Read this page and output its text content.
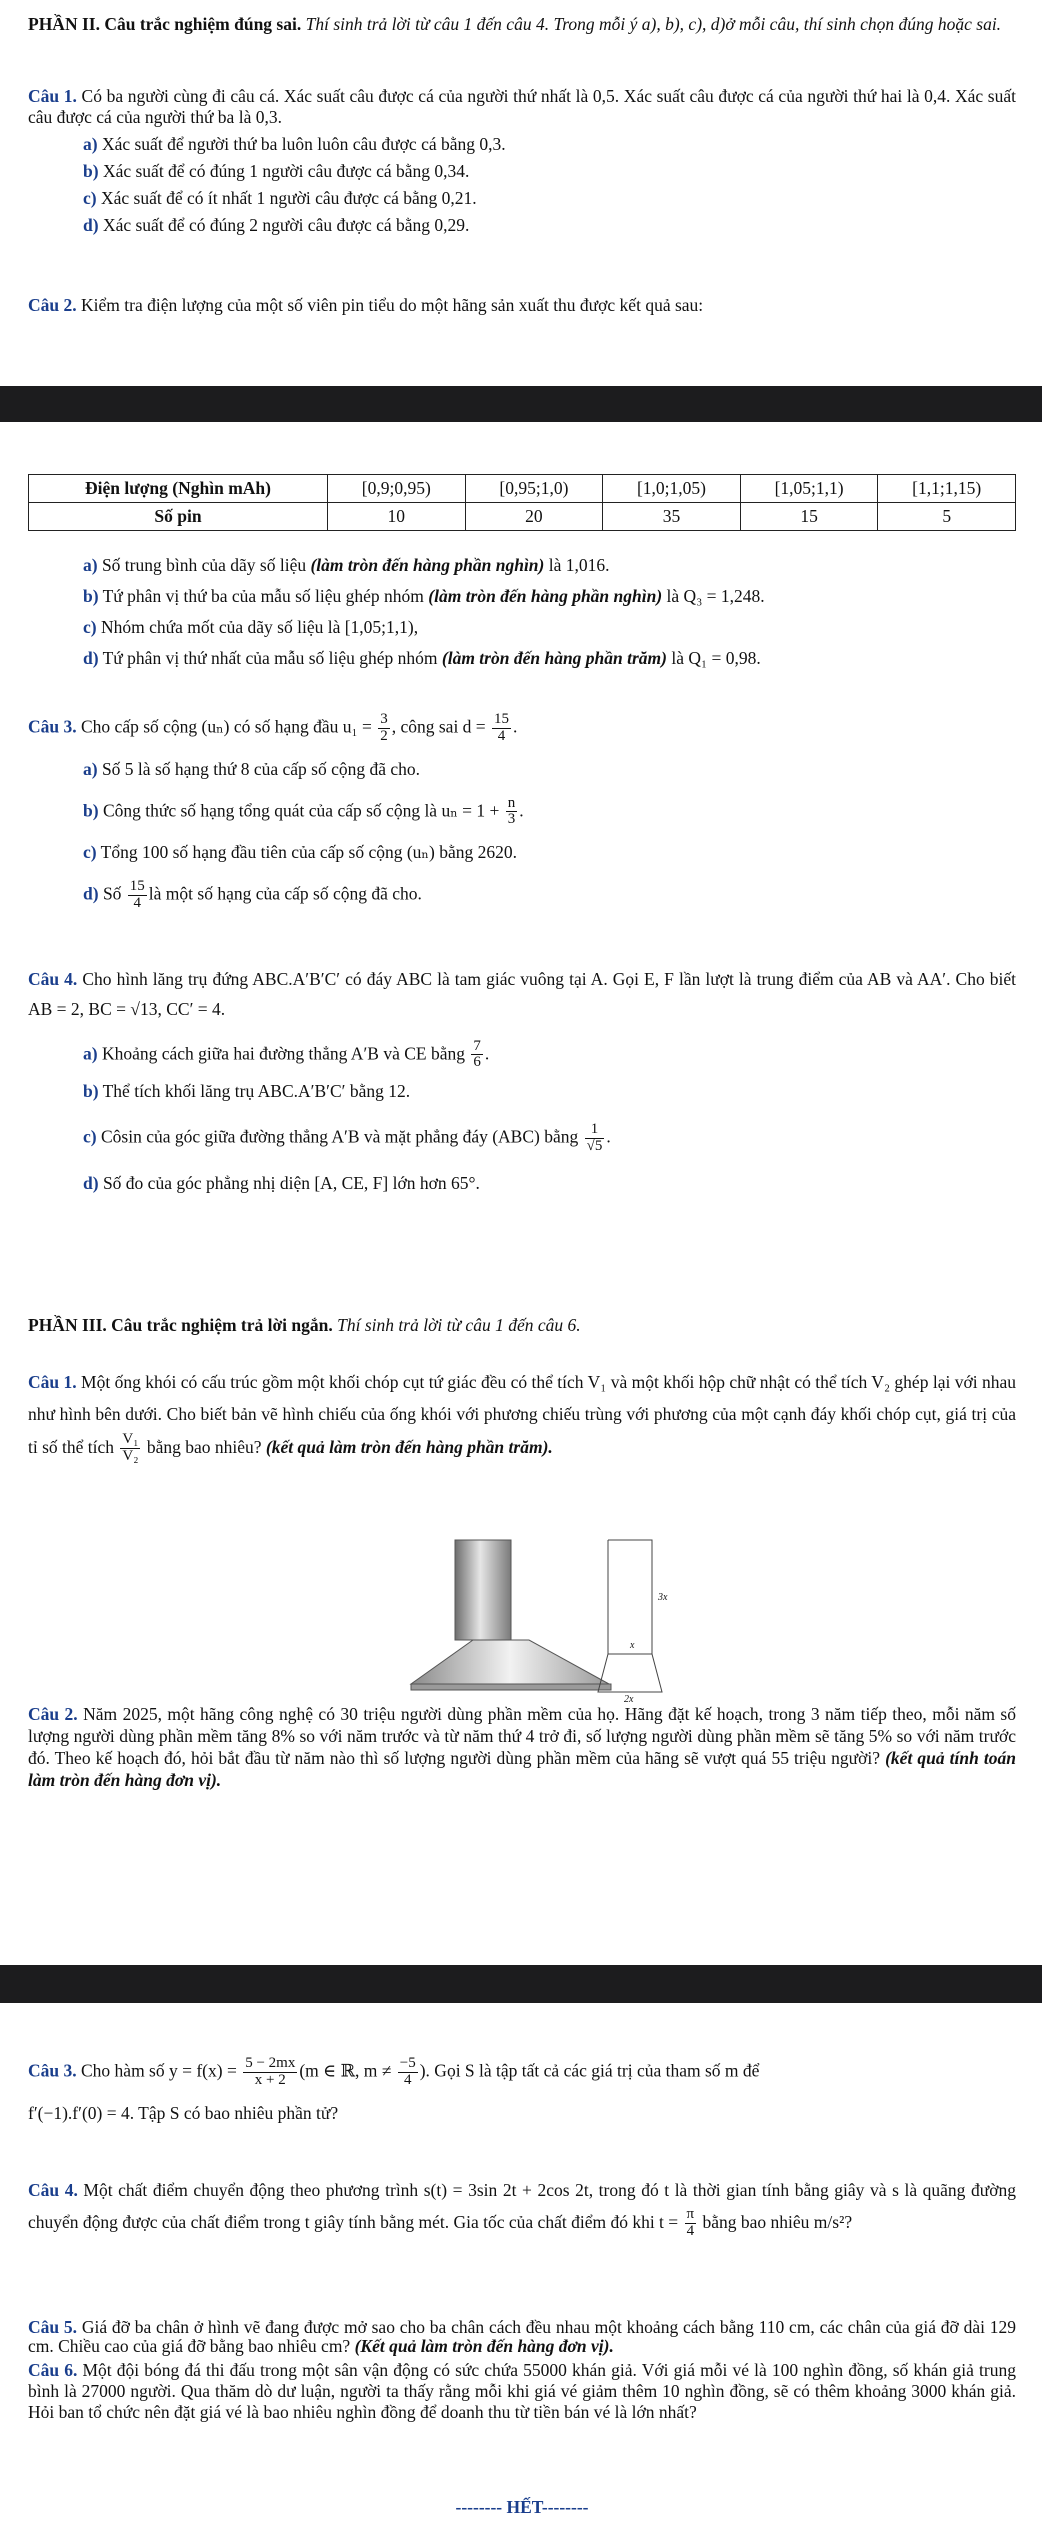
PHẦN II. Câu trắc nghiệm đúng sai. Thí sinh trả lời từ câu 1 đến câu 4. Trong mỗi ý a), b), c), d)ở mỗi câu, thí sinh chọn đúng hoặc sai.

Câu 1. Có ba người cùng đi câu cá. Xác suất câu được cá của người thứ nhất là 0,5. Xác suất câu được cá của người thứ hai là 0,4. Xác suất câu được cá của người thứ ba là 0,3.

a) Xác suất để người thứ ba luôn luôn câu được cá bằng 0,3.

b) Xác suất để có đúng 1 người câu được cá bằng 0,34.

c) Xác suất để có ít nhất 1 người câu được cá bằng 0,21.

d) Xác suất để có đúng 2 người câu được cá bằng 0,29.

Câu 2. Kiểm tra điện lượng của một số viên pin tiểu do một hãng sản xuất thu được kết quả sau:

Điện lượng (Nghìn mAh)	[0,9;0,95)	[0,95;1,0)	[1,0;1,05)	[1,05;1,1)	[1,1;1,15)
Số pin	10	20	35	15	5

a) Số trung bình của dãy số liệu (làm tròn đến hàng phần nghìn) là 1,016.

b) Tứ phân vị thứ ba của mẫu số liệu ghép nhóm (làm tròn đến hàng phần nghìn) là Q₃ = 1,248.

c) Nhóm chứa mốt của dãy số liệu là [1,05;1,1),

d) Tứ phân vị thứ nhất của mẫu số liệu ghép nhóm (làm tròn đến hàng phần trăm) là Q₁ = 0,98.

Câu 3. Cho cấp số cộng (uₙ) có số hạng đầu $u_1 = \frac{3}{2}$ , công sai $d = \frac{15}{4}$ .

a) Số 5 là số hạng thứ 8 của cấp số cộng đã cho.

b) Công thức số hạng tổng quát của cấp số cộng là $u_n = 1 + \frac{n}{3}$ .

c) Tổng 100 số hạng đầu tiên của cấp số cộng (uₙ) bằng 2620.

d) Số $\frac{15}{4}$ là một số hạng của cấp số cộng đã cho.

Câu 4. Cho hình lăng trụ đứng ABC.A′B′C′ có đáy ABC là tam giác vuông tại A. Gọi E, F lần lượt là trung điểm của AB và AA′. Cho biết AB = 2, BC = √13, CC′ = 4.

a) Khoảng cách giữa hai đường thẳng A′B và CE bằng $\frac{7}{6}$ .

b) Thể tích khối lăng trụ ABC.A′B′C′ bằng 12.

c) Côsin của góc giữa đường thẳng A′B và mặt phẳng đáy (ABC) bằng $\frac{1}{√5}$ .

d) Số đo của góc phẳng nhị diện [A, CE, F] lớn hơn 65°.

PHẦN III. Câu trắc nghiệm trả lời ngắn. Thí sinh trả lời từ câu 1 đến câu 6.

Câu 1. Một ống khói có cấu trúc gồm một khối chóp cụt tứ giác đều có thể tích V₁ và một khối hộp chữ nhật có thể tích V₂ ghép lại với nhau như hình bên dưới. Cho biết bản vẽ hình chiếu của ống khói với phương chiếu trùng với phương của một cạnh đáy khối chóp cụt, giá trị của tỉ số thể tích $\frac{\text{V₁}}{\text{V₂}}$ bằng bao nhiêu? (kết quả làm tròn đến hàng phần trăm).

3x
x
2x

Câu 2. Năm 2025, một hãng công nghệ có 30 triệu người dùng phần mềm của họ. Hãng đặt kế hoạch, trong 3 năm tiếp theo, mỗi năm số lượng người dùng phần mềm tăng 8% so với năm trước và từ năm thứ 4 trở đi, số lượng người dùng phần mềm sẽ tăng 5% so với năm trước đó. Theo kế hoạch đó, hỏi bắt đầu từ năm nào thì số lượng người dùng phần mềm của hãng sẽ vượt quá 55 triệu người? (kết quả tính toán làm tròn đến hàng đơn vị).

Câu 3. Cho hàm số $y = f(x) = \frac{5 - 2mx}{x + 2} (m$ ∈ ℝ, $m \ne \frac{-5}{4}$ ). Gọi S là tập tất cả các giá trị của tham số m để

f′(−1).f′(0) = 4. Tập S có bao nhiêu phần tử?

Câu 4. Một chất điểm chuyển động theo phương trình s(t) = 3sin 2t + 2cos 2t, trong đó t là thời gian tính bằng giây và s là quãng đường chuyển động được của chất điểm trong t giây tính bằng mét. Gia tốc của chất điểm đó khi $t = \frac{\pi}{4}$ bằng bao nhiêu m/s²?

Câu 5. Giá đỡ ba chân ở hình vẽ đang được mở sao cho ba chân cách đều nhau một khoảng cách bằng 110 cm, các chân của giá đỡ dài 129 cm. Chiều cao của giá đỡ bằng bao nhiêu cm? (Kết quả làm tròn đến hàng đơn vị).

Câu 6. Một đội bóng đá thi đấu trong một sân vận động có sức chứa 55000 khán giả. Với giá mỗi vé là 100 nghìn đồng, số khán giả trung bình là 27000 người. Qua thăm dò dư luận, người ta thấy rằng mỗi khi giá vé giảm thêm 10 nghìn đồng, sẽ có thêm khoảng 3000 khán giả. Hỏi ban tổ chức nên đặt giá vé là bao nhiêu nghìn đồng để doanh thu từ tiền bán vé là lớn nhất?

-------- HẾT--------
